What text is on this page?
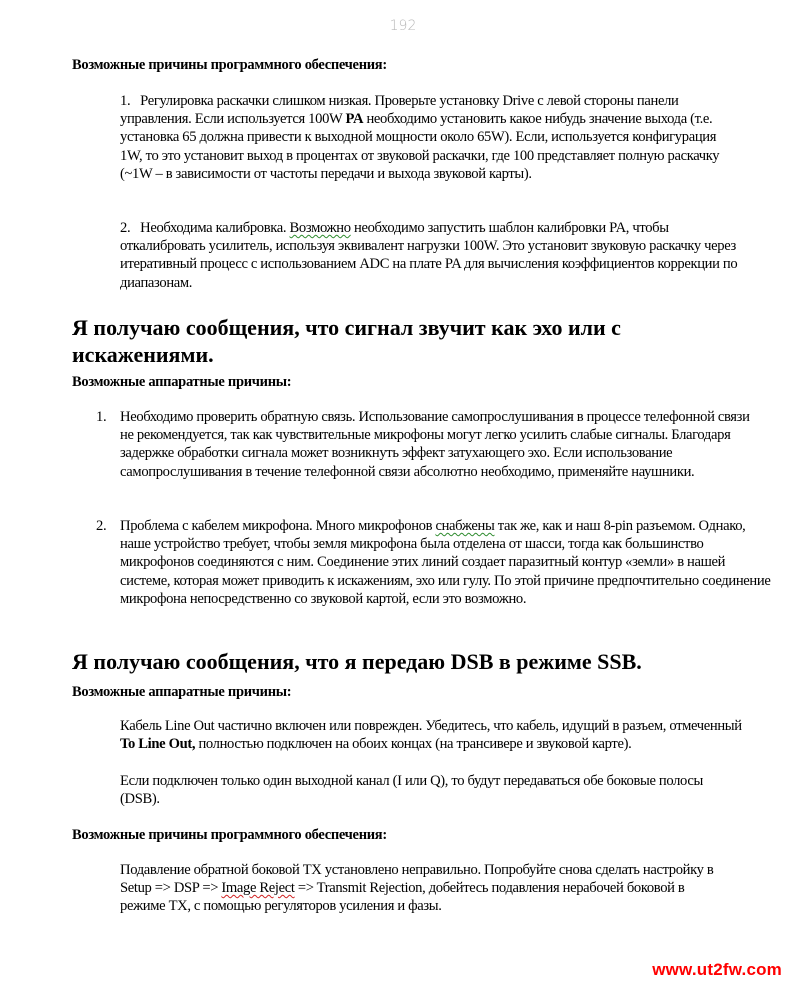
192
Возможные причины программного обеспечения:
1. Регулировка раскачки слишком низкая. Проверьте установку Drive с левой стороны панели управления. Если используется 100W PA необходимо установить какое нибудь значение выхода (т.е. установка 65 должна привести к выходной мощности около 65W). Если, используется конфигурация 1W, то это установит выход в процентах от звуковой раскачки, где 100 представляет полную раскачку (~1W – в зависимости от частоты передачи и выхода звуковой карты).
2. Необходима калибровка. Возможно необходимо запустить шаблон калибровки PA, чтобы откалибровать усилитель, используя эквивалент нагрузки 100W. Это установит звуковую раскачку через итеративный процесс с использованием ADC на плате PA для вычисления коэффициентов коррекции по диапазонам.
Я получаю сообщения, что сигнал звучит как эхо или с искажениями.
Возможные аппаратные причины:
1. Необходимо проверить обратную связь. Использование самопрослушивания в процессе телефонной связи не рекомендуется, так как чувствительные микрофоны могут легко усилить слабые сигналы. Благодаря задержке обработки сигнала может возникнуть эффект затухающего эхо. Если использование самопрослушивания в течение телефонной связи абсолютно необходимо, применяйте наушники.
2. Проблема с кабелем микрофона. Много микрофонов снабжены так же, как и наш 8-pin разъемом. Однако, наше устройство требует, чтобы земля микрофона была отделена от шасси, тогда как большинство микрофонов соединяются с ним. Соединение этих линий создает паразитный контур «земли» в нашей системе, которая может приводить к искажениям, эхо или гулу. По этой причине предпочтительно соединение микрофона непосредственно со звуковой картой, если это возможно.
Я получаю сообщения, что я передаю DSB в режиме SSB.
Возможные аппаратные причины:
Кабель Line Out частично включен или поврежден. Убедитесь, что кабель, идущий в разъем, отмеченный To Line Out, полностью подключен на обоих концах (на трансивере и звуковой карте).
Если подключен только один выходной канал (I или Q), то будут передаваться обе боковые полосы (DSB).
Возможные причины программного обеспечения:
Подавление обратной боковой TX установлено неправильно. Попробуйте снова сделать настройку в Setup => DSP => Image Reject => Transmit Rejection, добейтесь подавления нерабочей боковой в режиме TX, с помощью регуляторов усиления и фазы.
www.ut2fw.com
